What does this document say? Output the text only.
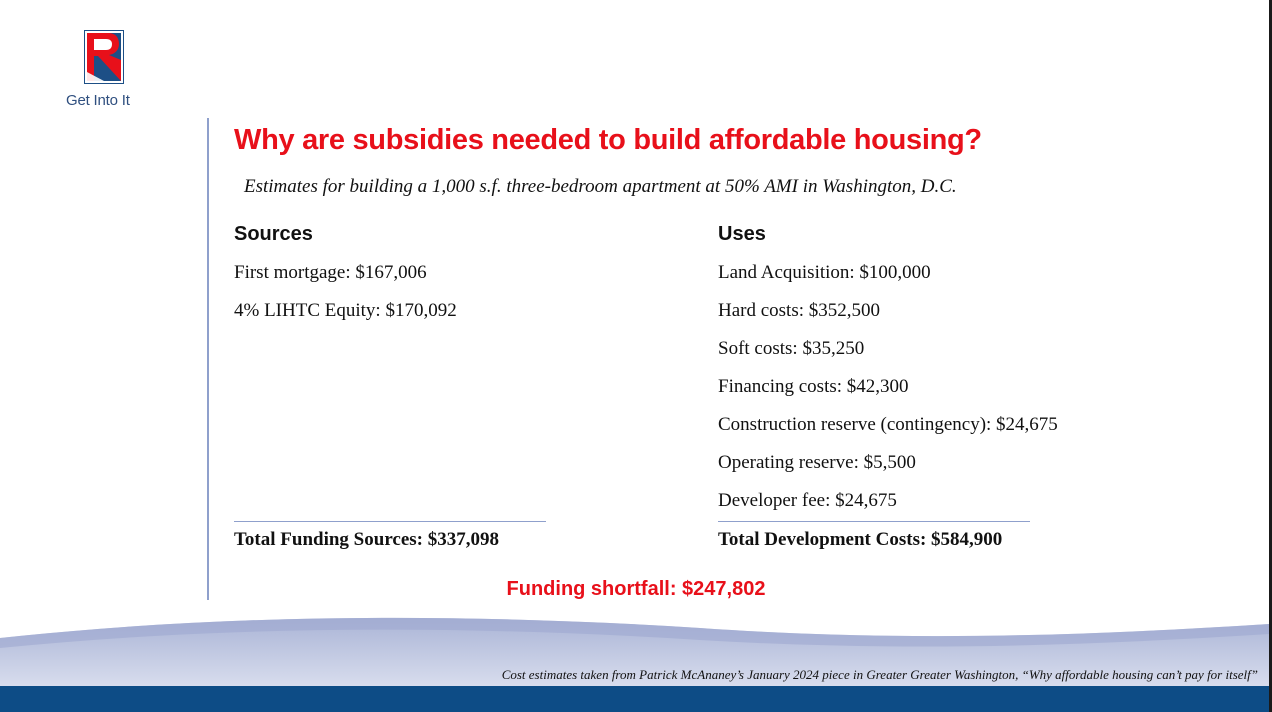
Get Into It
Why are subsidies needed to build affordable housing?
Estimates for building a 1,000 s.f. three-bedroom apartment at 50% AMI in Washington, D.C.
Sources
First mortgage: $167,006
4% LIHTC Equity: $170,092
Uses
Land Acquisition: $100,000
Hard costs: $352,500
Soft costs: $35,250
Financing costs: $42,300
Construction reserve (contingency): $24,675
Operating reserve: $5,500
Developer fee: $24,675
Total Funding Sources: $337,098	Total Development Costs: $584,900
Funding shortfall: $247,802
Cost estimates taken from Patrick McAnaney’s January 2024 piece in Greater Greater Washington, “Why affordable housing can’t pay for itself”
